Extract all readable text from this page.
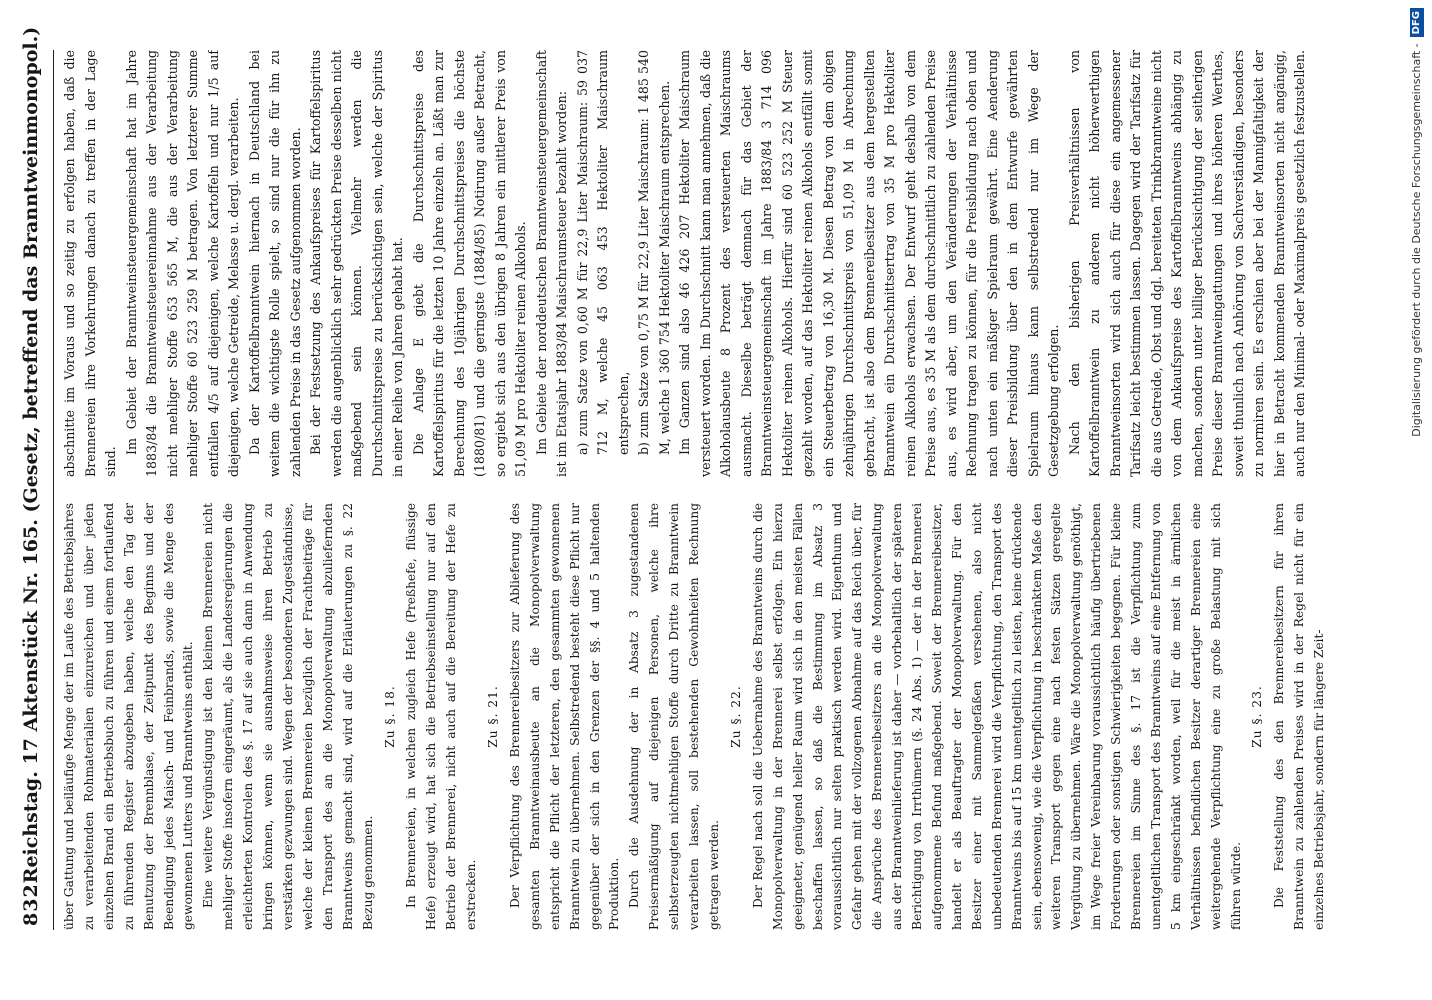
832
Reichstag. 17 Aktenstück Nr. 165. (Gesetz, betreffend das Branntweinmonopol.) über Gattung und beiläufige Menge der im Laufe des Betriebsjahres zu verarbeitenden Rohmaterialien einzureichen und über jeden einzelnen Brand ein Betriebsbuch zu führen und einem fortlaufend zu führenden Register abzugeben haben, welche den Tag der Benutzung der Brennblase, der Zeitpunkt des Beginns und der Beendigung jedes Maisch- und Feinbrands, sowie die Menge des gewonnenen Lutters und Branntweins enthält. Eine weitere Vergünstigung ist den kleinen Brennereien nicht mehliger Stoffe insofern eingeräumt, als die Landesregierungen die erleichterten Kontrolen des §. 17 auf sie auch dann in Anwendung bringen können, wenn sie ausnahmsweise ihren Betrieb zu verstärken gezwungen sind. Wegen der besonderen Zugeständnisse, welche der kleinen Brennereien bezüglich der Frachtbeiträge für den Transport des an die Monopolverwaltung abzuliefernden Branntweins gemacht sind, wird auf die Erläuterungen zu §. 22 Bezug genommen.

Zu §. 18. In Brennereien, in welchen zugleich Hefe (Preßhefe, flüssige Hefe) erzeugt wird, hat sich die Betriebseinstellung nur auf den Betrieb der Brennerei, nicht auch auf die Bereitung der Hefe zu erstrecken.

Zu §. 21. Der Verpflichtung des Brennereibesitzers zur Ablieferung des gesamten Branntweinausbeute an die Monopolverwaltung entspricht die Pflicht der letzteren, den gesammten gewonnenen Branntwein zu übernehmen. Selbstredend besteht diese Pflicht nur gegenüber der sich in den Grenzen der §§. 4 und 5 haltenden Produktion. Durch die Ausdehnung der in Absatz 3 zugestandenen Preisermäßigung auf diejenigen Personen, welche ihre selbsterzeugten nichtmehligen Stoffe durch Dritte zu Branntwein verarbeiten lassen, soll bestehenden Gewohnheiten Rechnung getragen werden.

Zu §. 22. Der Regel nach soll die Uebernahme des Branntweins durch die Monopolverwaltung in der Brennerei selbst erfolgen. Ein hierzu geeigneter, genügend heller Raum wird sich in den meisten Fällen beschaffen lassen, so daß die Bestimmung im Absatz 3 voraussichtlich nur selten praktisch werden wird. Eigenthum und Gefahr gehen mit der vollzogenen Abnahme auf das Reich über, für die Ansprüche des Brennereibesitzers an die Monopolverwaltung aus der Branntweinlieferung ist daher — vorbehaltlich der späteren Berichtigung von Irrthümern (§. 24 Abs. 1) — der in der Brennerei aufgenommene Befund maßgebend. Soweit der Brennereibesitzer, handelt er als Beauftragter der Monopolverwaltung. Für den Besitzer einer mit Sammelgefäßen versehenen, also nicht unbedeutenden Brennerei wird die Verpflichtung, den Transport des Branntweins bis auf 15 km unentgeltlich zu leisten, keine drückende sein, ebensowenig, wie die Verpflichtung in beschränktem Maße den weiteren Transport gegen eine nach festen Sätzen geregelte Vergütung zu übernehmen. Wäre die Monopolverwaltung genöthigt, im Wege freier Vereinbarung voraussichtlich häufig übertriebenen Forderungen oder sonstigen Schwierigkeiten begegnen. Für kleine Brennereien im Sinne des §. 17 ist die Verpflichtung zum unentgeltlichen Transport des Branntweins auf eine Entfernung von 5 km eingeschränkt worden, weil für die meist in ärmlichen Verhältnissen befindlichen Besitzer derartiger Brennereien eine weitergehende Verpflichtung eine zu große Belastung mit sich führen würde.

Zu §. 23. Die Feststellung des den Brennereibesitzern für ihren Branntwein zu zahlenden Preises wird in der Regel nicht für ein einzelnes Betriebsjahr, sondern für längere Zeit-

abschnitte im Voraus und so zeitig zu erfolgen haben, daß die Brennereien ihre Vorkehrungen danach zu treffen in der Lage sind.

Im Gebiet der Branntweinsteuergemeinschaft hat im Jahre 1883/84 die Branntweinsteuereinnahme aus der Verarbeitung nicht mehliger Stoffe 653 565 M, die aus der Verarbeitung mehliger Stoffe 60 523 259 M betragen. Von letzterer Summe entfallen 4/5 auf diejenigen, welche Kartoffeln und nur 1/5 auf diejenigen, welche Getreide, Melasse u. dergl. verarbeiten. Da der Kartoffelbranntwein hiernach in Deutschland bei weitem die wichtigste Rolle spielt, so sind nur die für ihn zu zahlenden Preise in das Gesetz aufgenommen worden. Bei der Festsetzung des Ankaufspreises für Kartoffelspiritus werden die augenblicklich sehr gedrückten Preise desselben nicht maßgebend sein können. Vielmehr werden die Durchschnittspreise zu berücksichtigen sein, welche der Spiritus in einer Reihe von Jahren gehabt hat. Die Anlage E giebt die Durchschnittspreise des Kartoffelspiritus für die letzten 10 Jahre einzeln an. Läßt man zur Berechnung des 10jährigen Durchschnittspreises die höchste (1880/81) und die geringste (1884/85) Notirung außer Betracht, so ergiebt sich aus den übrigen 8 Jahren ein mittlerer Preis von 51,09 M pro Hektoliter reinen Alkohols. Im Gebiete der norddeutschen Branntweinsteuergemeinschaft ist im Etatsjahr 1883/84 Maischraumsteuer bezahlt worden: a) zum Satze von 0,60 M für 22,9 Liter Maischraum: 59 037 712 M, welche 45 063 453 Hektoliter Maischraum entsprechen, b) zum Satze von 0,75 M für 22,9 Liter Maischraum: 1 485 540 M, welche 1 360 754 Hektoliter Maischraum entsprechen. Im Ganzen sind also 46 426 207 Hektoliter Maischraum versteuert worden. Im Durchschnitt kann man annehmen, daß die Alkoholausbeute 8 Prozent des versteuerten Maischraums ausmacht. Dieselbe beträgt demnach für das Gebiet der Branntweinsteuergemeinschaft im Jahre 1883/84 3 714 096 Hektoliter reinen Alkohols. Hierfür sind 60 523 252 M Steuer gezahlt worden, auf das Hektoliter reinen Alkohols entfällt somit ein Steuerbetrag von 16,30 M. Diesen Betrag von dem obigen zehnjährigen Durchschnittspreis von 51,09 M in Abrechnung gebracht, ist also dem Brennereibesitzer aus dem hergestellten Branntwein ein Durchschnittsertrag von 35 M pro Hektoliter reinen Alkohols erwachsen. Der Entwurf geht deshalb von dem Preise aus, es 35 M als dem durchschnittlich zu zahlenden Preise aus, es wird aber, um den Veränderungen der Verhältnisse Rechnung tragen zu können, für die Preisbildung nach oben und nach unten ein mäßiger Spielraum gewährt. Eine Aenderung dieser Preisbildung über den in dem Entwurfe gewährten Spielraum hinaus kann selbstredend nur im Wege der Gesetzgebung erfolgen. Nach den bisherigen Preisverhältnissen von Kartoffelbranntwein zu anderen nicht höherwerthigen Branntweinsorten wird sich auch für diese ein angemessener Tarifsatz leicht bestimmen lassen. Dagegen wird der Tarifsatz für die aus Getreide, Obst und dgl. bereiteten Trinkbranntweine nicht von dem Ankaufspreise des Kartoffelbranntweins abhängig zu machen, sondern unter billiger Berücksichtigung der seitherigen Preise dieser Branntweingattungen und ihres höheren Werthes, soweit thunlich nach Anhörung von Sachverständigen, besonders zu normiren sein. Es erschien aber bei der Mannigfaltigkeit der hier in Betracht kommenden Branntweinsorten nicht angängig, auch nur den Minimal- oder Maximalpreis gesetzlich festzustellen.	Digitalisierung gefördert durch die Deutsche Forschungsgemeinschaft -DFG
